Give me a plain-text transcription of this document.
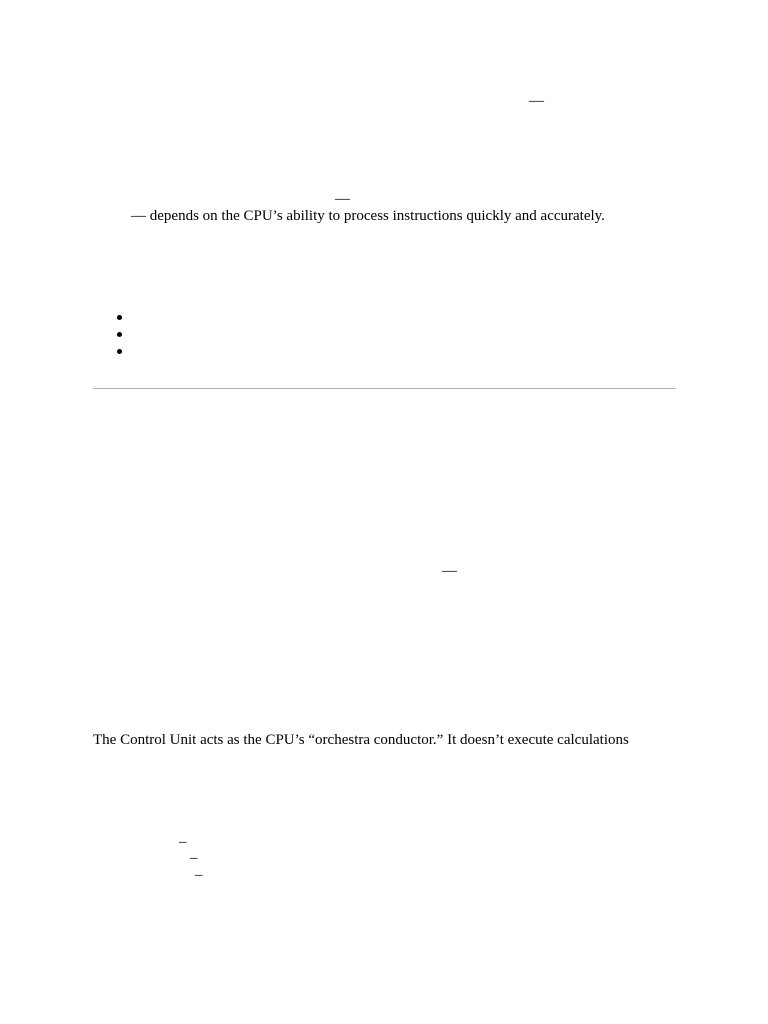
—
—
— depends on the CPU’s ability to process instructions quickly and accurately.
—
The Control Unit acts as the CPU’s “orchestra conductor.” It doesn’t execute calculations
–
–
–
